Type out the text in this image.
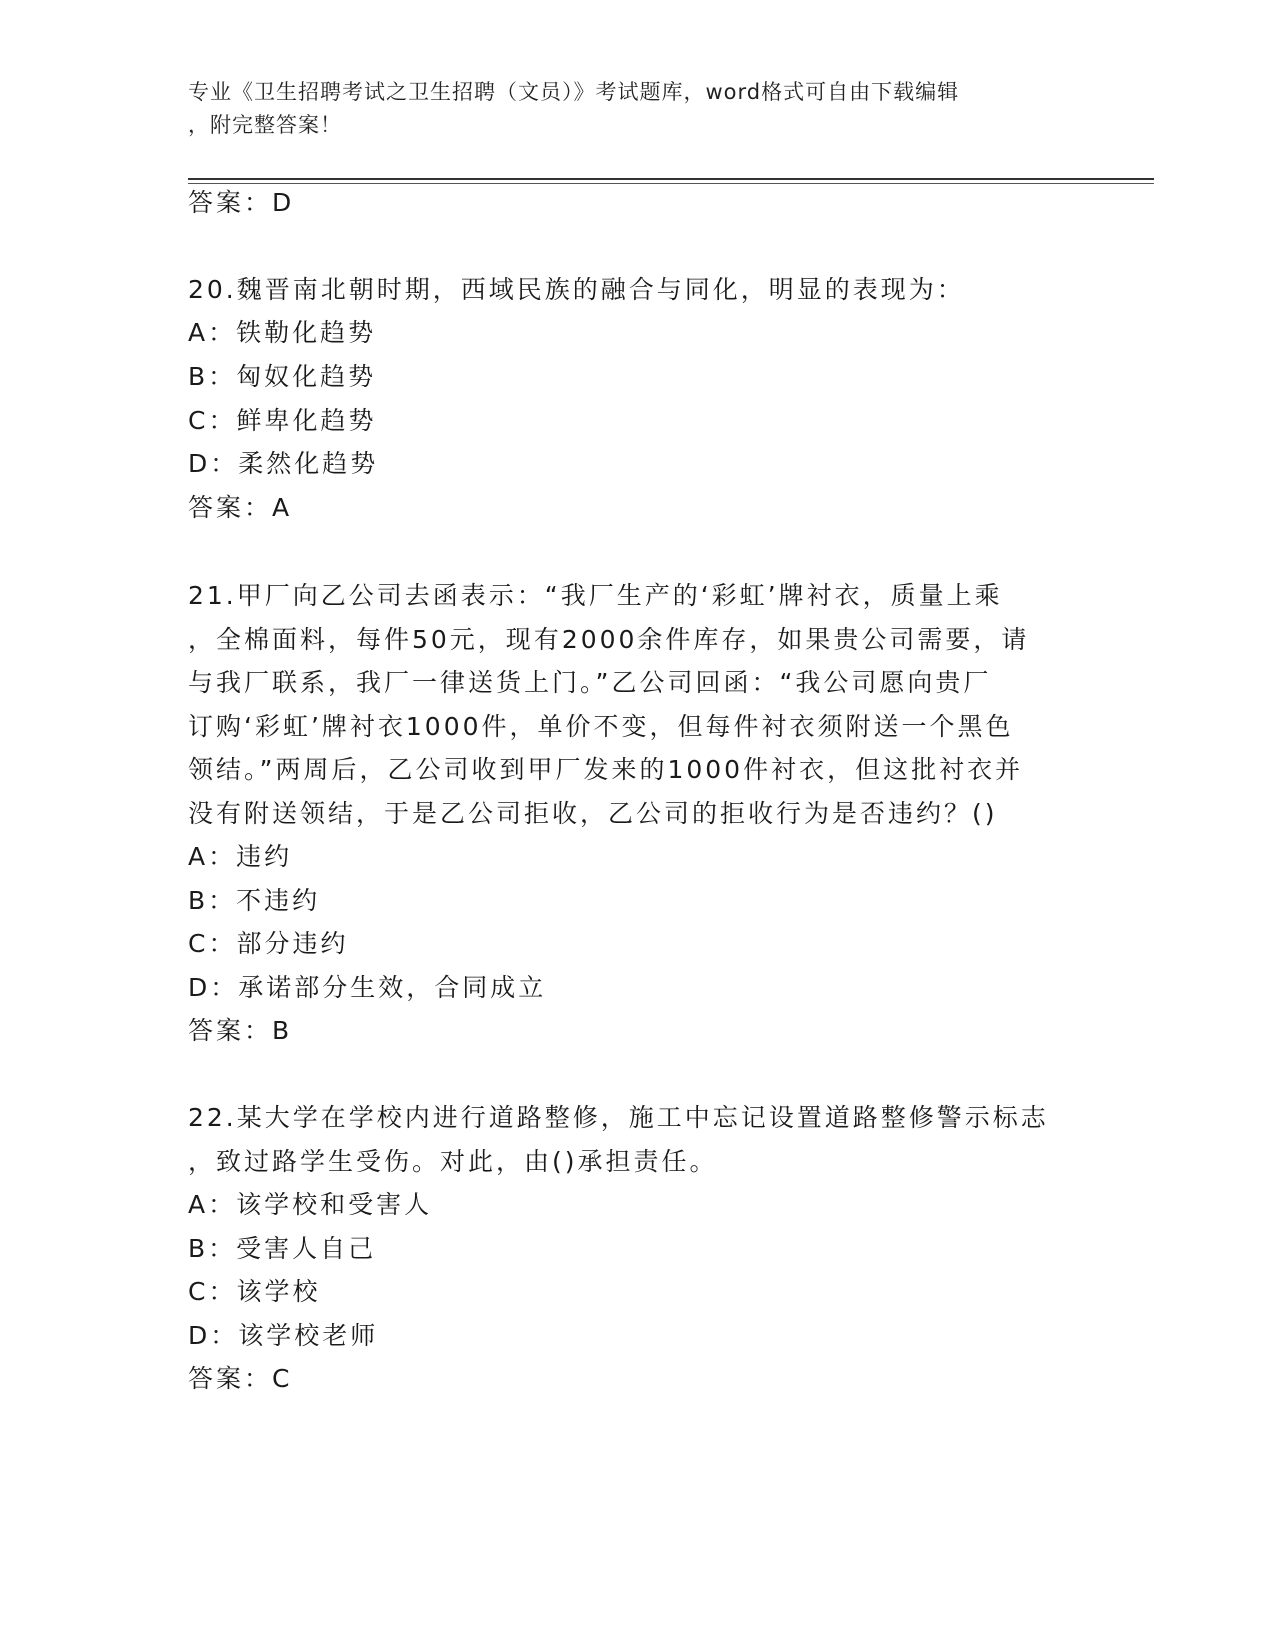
专业《卫生招聘考试之卫生招聘（文员）》考试题库，word格式可自由下载编辑
，附完整答案！
答案：D
20.魏晋南北朝时期，西域民族的融合与同化，明显的表现为：
A：铁勒化趋势
B：匈奴化趋势
C：鲜卑化趋势
D：柔然化趋势
答案：A
21.甲厂向乙公司去函表示：“我厂生产的‘彩虹’牌衬衣，质量上乘
，全棉面料，每件50元，现有2000余件库存，如果贵公司需要，请
与我厂联系，我厂一律送货上门。”乙公司回函：“我公司愿向贵厂
订购‘彩虹’牌衬衣1000件，单价不变，但每件衬衣须附送一个黑色
领结。”两周后，乙公司收到甲厂发来的1000件衬衣，但这批衬衣并
没有附送领结，于是乙公司拒收，乙公司的拒收行为是否违约？()
A：违约
B：不违约
C：部分违约
D：承诺部分生效，合同成立
答案：B
22.某大学在学校内进行道路整修，施工中忘记设置道路整修警示标志
，致过路学生受伤。对此，由()承担责任。
A：该学校和受害人
B：受害人自己
C：该学校
D：该学校老师
答案：C
